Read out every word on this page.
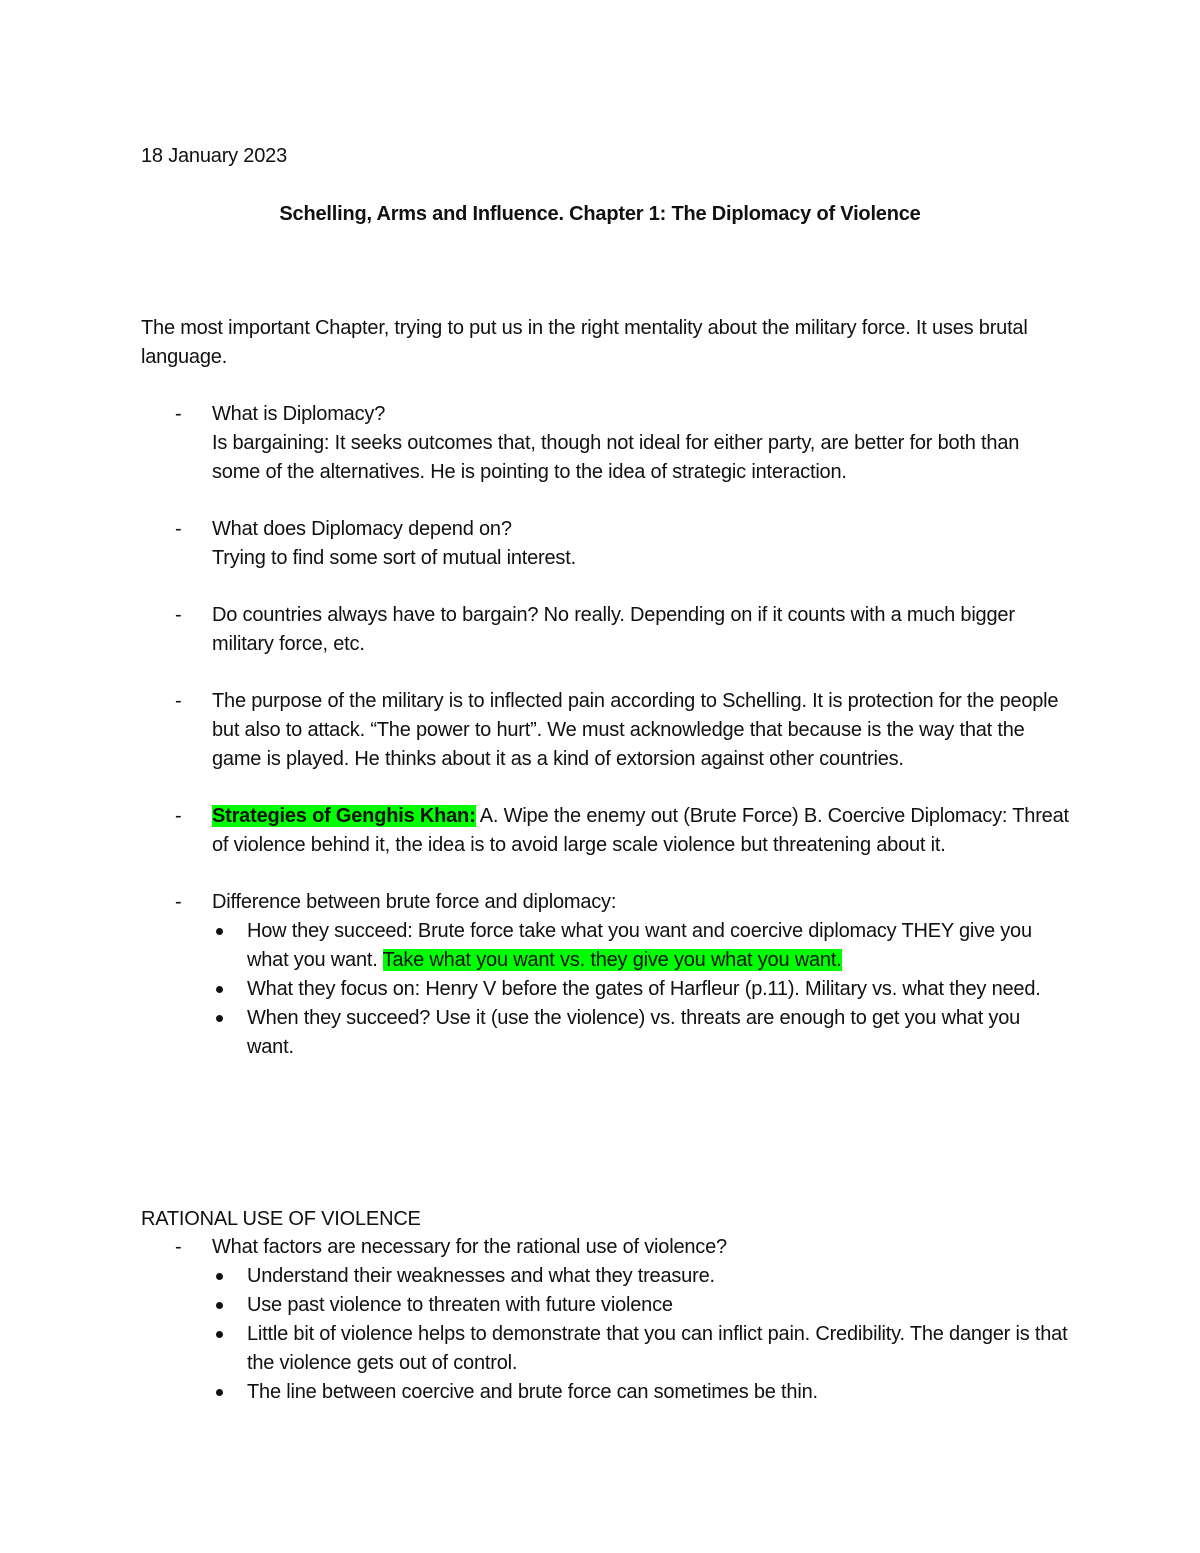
18 January 2023
Schelling, Arms and Influence. Chapter 1: The Diplomacy of Violence
The most important Chapter, trying to put us in the right mentality about the military force. It uses brutal language.
- What is Diplomacy?
Is bargaining: It seeks outcomes that, though not ideal for either party, are better for both than some of the alternatives. He is pointing to the idea of strategic interaction.
- What does Diplomacy depend on?
Trying to find some sort of mutual interest.
- Do countries always have to bargain? No really. Depending on if it counts with a much bigger military force, etc.
- The purpose of the military is to inflected pain according to Schelling. It is protection for the people but also to attack. “The power to hurt”. We must acknowledge that because is the way that the game is played. He thinks about it as a kind of extorsion against other countries.
- Strategies of Genghis Khan: A. Wipe the enemy out (Brute Force) B. Coercive Diplomacy: Threat of violence behind it, the idea is to avoid large scale violence but threatening about it.
- Difference between brute force and diplomacy:
How they succeed: Brute force take what you want and coercive diplomacy THEY give you what you want. Take what you want vs. they give you what you want.
What they focus on: Henry V before the gates of Harfleur (p.11). Military vs. what they need.
When they succeed? Use it (use the violence) vs. threats are enough to get you what you want.
RATIONAL USE OF VIOLENCE
- What factors are necessary for the rational use of violence?
Understand their weaknesses and what they treasure.
Use past violence to threaten with future violence
Little bit of violence helps to demonstrate that you can inflict pain. Credibility. The danger is that the violence gets out of control.
The line between coercive and brute force can sometimes be thin.
